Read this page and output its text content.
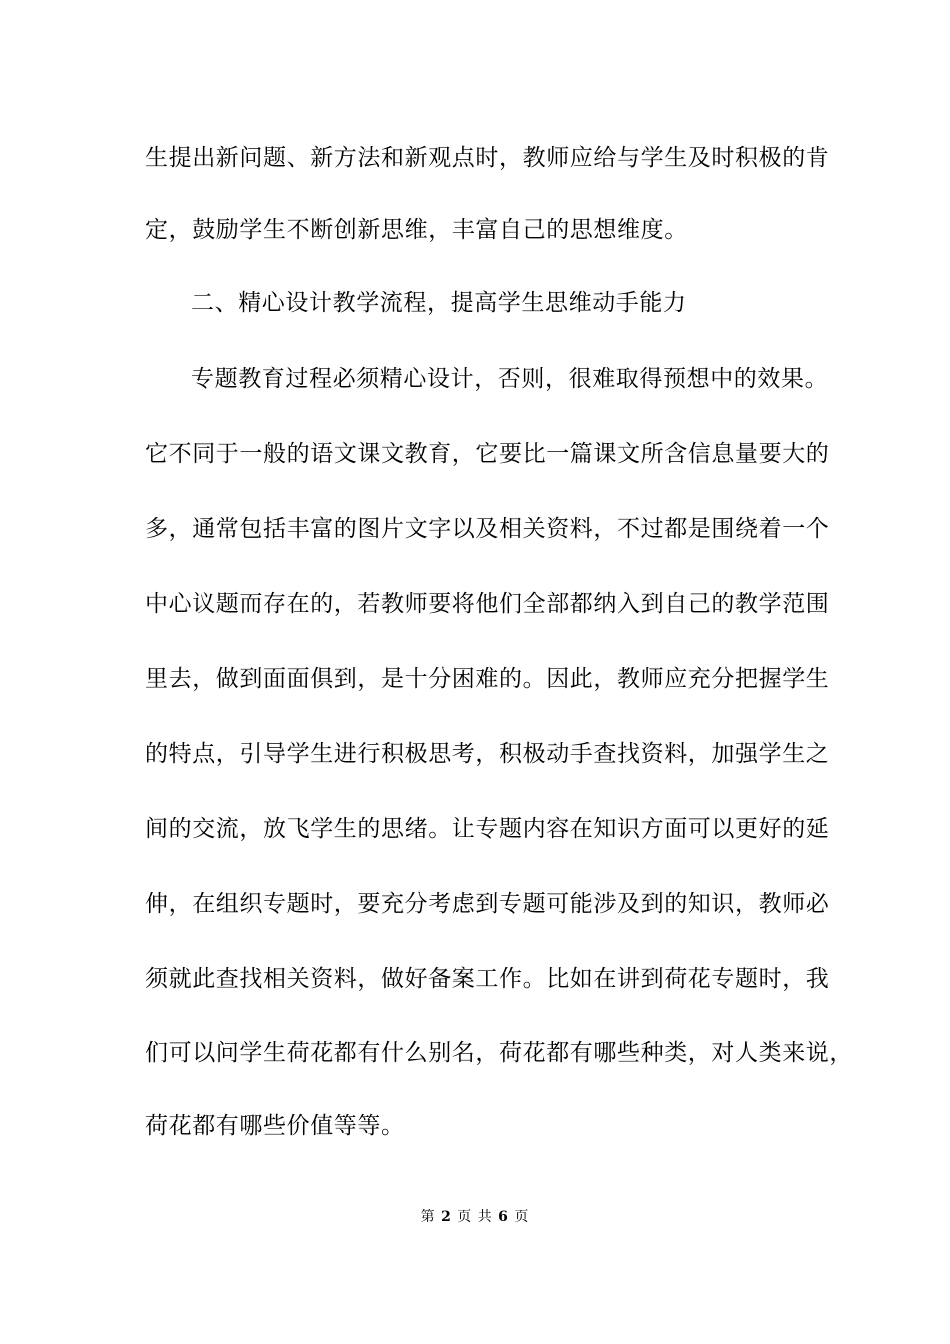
生提出新问题、新方法和新观点时，教师应给与学生及时积极的肯
定，鼓励学生不断创新思维，丰富自己的思想维度。
二、精心设计教学流程，提高学生思维动手能力
专题教育过程必须精心设计，否则，很难取得预想中的效果。
它不同于一般的语文课文教育，它要比一篇课文所含信息量要大的
多，通常包括丰富的图片文字以及相关资料，不过都是围绕着一个
中心议题而存在的，若教师要将他们全部都纳入到自己的教学范围
里去，做到面面俱到，是十分困难的。因此，教师应充分把握学生
的特点，引导学生进行积极思考，积极动手查找资料，加强学生之
间的交流，放飞学生的思绪。让专题内容在知识方面可以更好的延
伸，在组织专题时，要充分考虑到专题可能涉及到的知识，教师必
须就此查找相关资料，做好备案工作。比如在讲到荷花专题时，我
们可以问学生荷花都有什么别名，荷花都有哪些种类，对人类来说，
荷花都有哪些价值等等。
第 2 页 共 6 页
